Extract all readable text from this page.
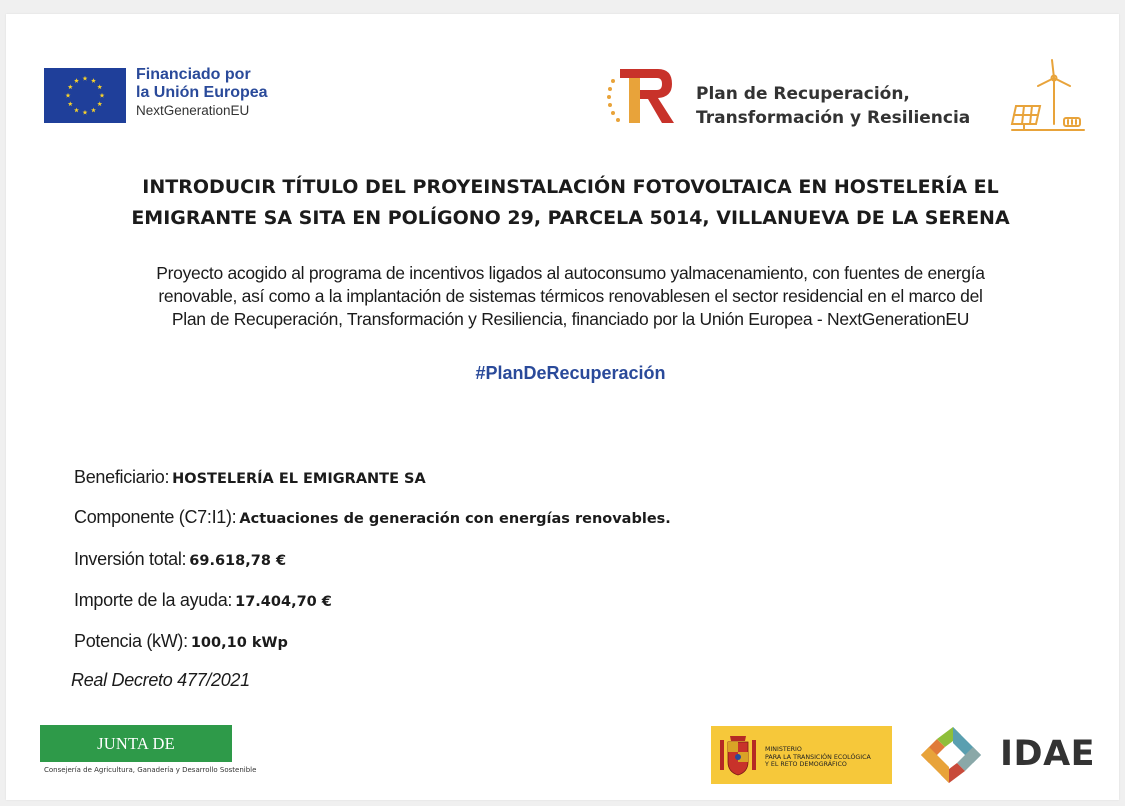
Financiado por
la Unión Europea
NextGenerationEU
Plan de Recuperación,
Transformación y Resiliencia
INTRODUCIR TÍTULO DEL PROYEINSTALACIÓN FOTOVOLTAICA EN HOSTELERÍA EL
EMIGRANTE SA SITA EN POLÍGONO 29, PARCELA 5014, VILLANUEVA DE LA SERENA
Proyecto acogido al programa de incentivos ligados al autoconsumo yalmacenamiento, con fuentes de energía
renovable, así como a la implantación de sistemas térmicos renovablesen el sector residencial en el marco del
Plan de Recuperación, Transformación y Resiliencia, financiado por la Unión Europea - NextGenerationEU
#PlanDeRecuperación
Beneficiario: HOSTELERÍA EL EMIGRANTE SA
Componente (C7:I1): Actuaciones de generación con energías renovables.
Inversión total: 69.618,78 €
Importe de la ayuda: 17.404,70 €
Potencia (kW): 100,10 kWp
Real Decreto 477/2021
JUNTA DE EXTREMADURA
Consejería de Agricultura, Ganadería y Desarrollo Sostenible
MINISTERIO
PARA LA TRANSICIÓN ECOLÓGICA
Y EL RETO DEMOGRÁFICO	IDAE
